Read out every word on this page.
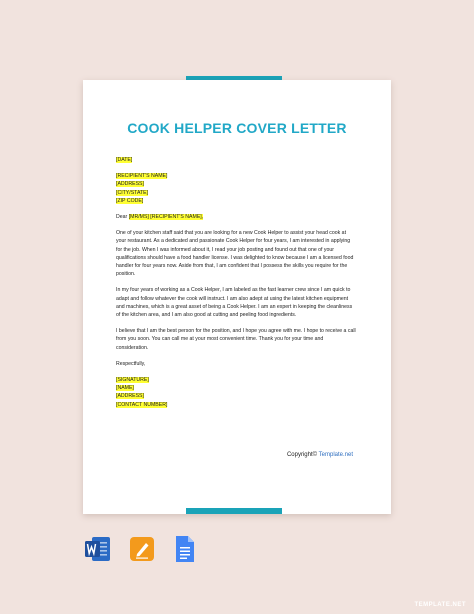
COOK HELPER COVER LETTER
[DATE]
[RECIPIENT'S NAME]
[ADDRESS]
[CITY/STATE]
[ZIP CODE]
Dear [MR/MS] [RECIPIENT'S NAME],

One of your kitchen staff said that you are looking for a new Cook Helper to assist your head cook at your restaurant. As a dedicated and passionate Cook Helper for four years, I am interested in applying for the job. When I was informed about it, I read your job posting and found out that one of your qualifications should have a food handler license. I was delighted to know because I am a licensed food handler for four years now. Aside from that, I am confident that I possess the skills you require for the position.

In my four years of working as a Cook Helper, I am labeled as the fast learner crew since I am quick to adapt and follow whatever the cook will instruct. I am also adept at using the latest kitchen equipment and machines, which is a great asset of being a Cook Helper. I am an expert in keeping the cleanliness of the kitchen area, and I am also good at cutting and peeling food ingredients.

I believe that I am the best person for the position, and I hope you agree with me. I hope to receive a call from you soon. You can call me at your most convenient time. Thank you for your time and consideration.

Respectfully,
[SIGNATURE]
[NAME]
[ADDRESS]
[CONTACT NUMBER]
Copyright© Template.net
TEMPLATE.NET
